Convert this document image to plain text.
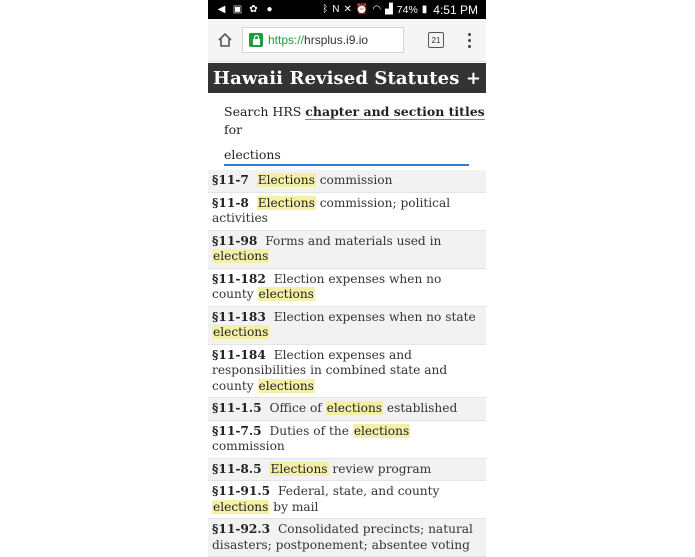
◀ ▣ ✿ ●	ᛒ N ✕ ⏰ ◠ ▟ 74% ▮ 4:51 PM
https:// hrsplus.i9.io	21
Hawaii Revised Statutes +
Search HRS chapter and section titles for
elections
§11-7 Elections commission
§11-8 Elections commission; political activities
§11-98 Forms and materials used in elections
§11-182 Election expenses when no county elections
§11-183 Election expenses when no state elections
§11-184 Election expenses and responsibilities in combined state and county elections
§11-1.5 Office of elections established
§11-7.5 Duties of the elections commission
§11-8.5 Elections review program
§11-91.5 Federal, state, and county elections by mail
§11-92.3 Consolidated precincts; natural disasters; postponement; absentee voting
